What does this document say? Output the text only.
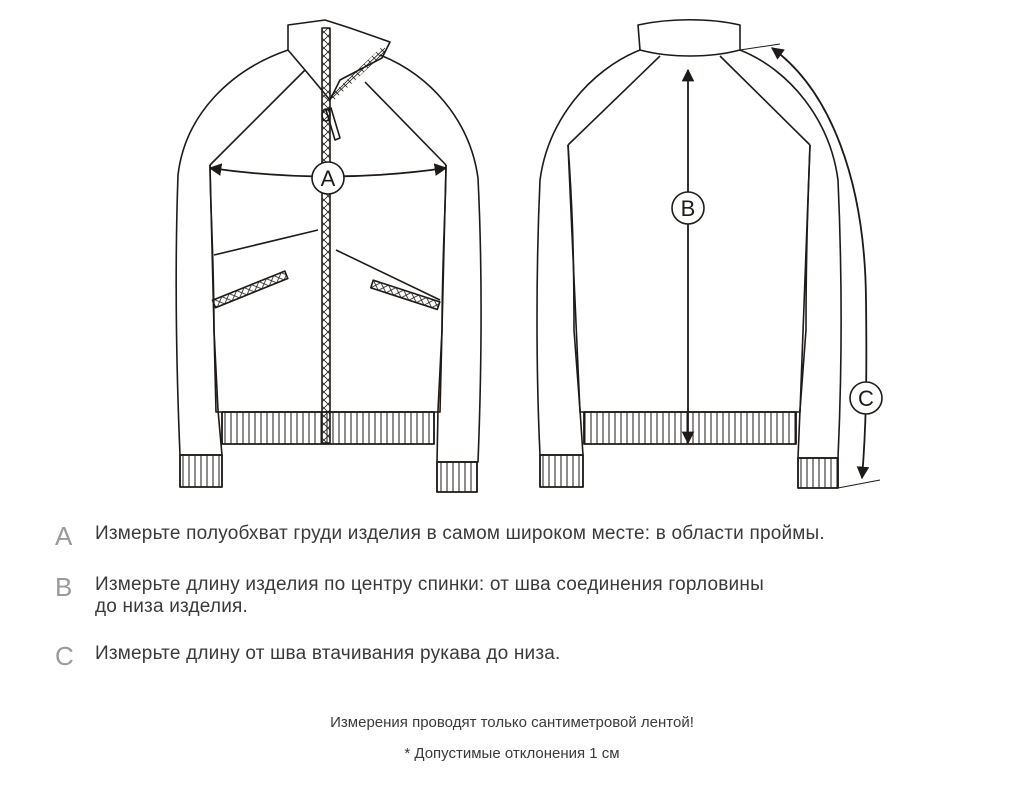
A
B
C
A	Измерьте полуобхват груди изделия в самом широком месте: в области проймы.
B	Измерьте длину изделия по центру спинки: от шва соединения горловины
до низа изделия.
C	Измерьте длину от шва втачивания рукава до низа.
Измерения проводят только сантиметровой лентой!
* Допустимые отклонения 1 см
